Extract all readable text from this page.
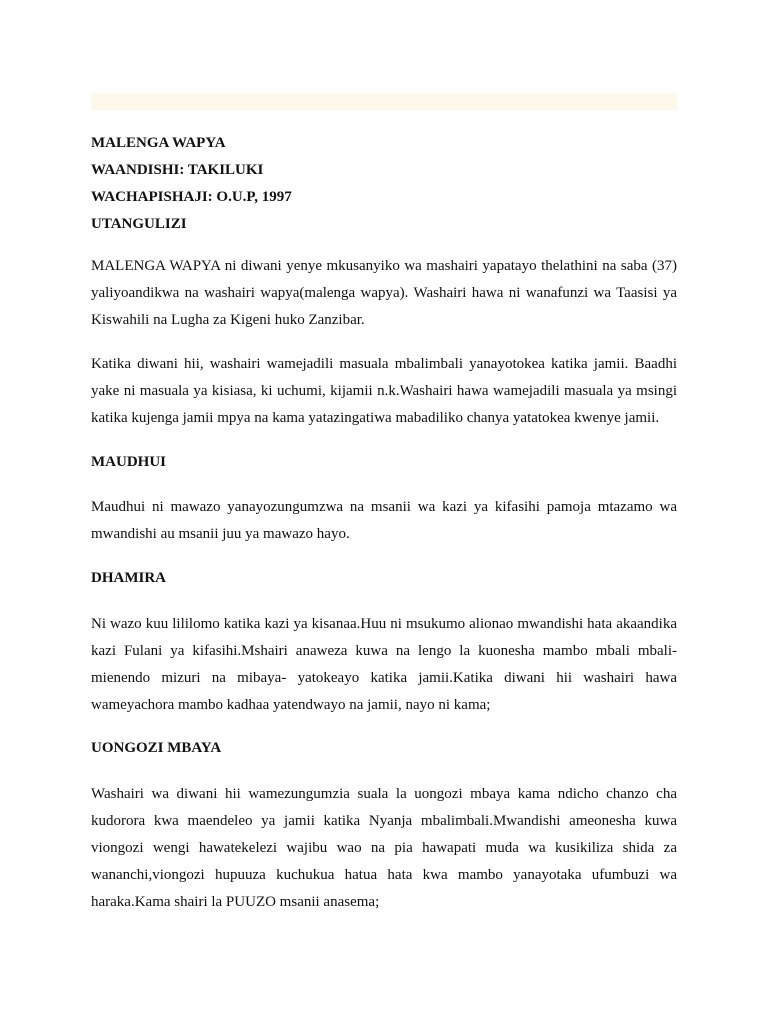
MALENGA WAPYA
WAANDISHI: TAKILUKI
WACHAPISHAJI: O.U.P, 1997
UTANGULIZI

MALENGA WAPYA ni diwani yenye mkusanyiko wa mashairi yapatayo thelathini na saba (37) yaliyoandikwa na washairi wapya(malenga wapya). Washairi hawa ni wanafunzi wa Taasisi ya Kiswahili na Lugha za Kigeni huko Zanzibar.

Katika diwani hii, washairi wamejadili masuala mbalimbali yanayotokea katika jamii. Baadhi yake ni masuala ya kisiasa, ki uchumi, kijamii n.k.Washairi hawa wamejadili masuala ya msingi katika kujenga jamii mpya na kama yatazingatiwa mabadiliko chanya yatatokea kwenye jamii.

MAUDHUI

Maudhui ni mawazo yanayozungumzwa na msanii wa kazi ya kifasihi pamoja mtazamo wa mwandishi au msanii juu ya mawazo hayo.

DHAMIRA

Ni wazo kuu lililomo katika kazi ya kisanaa.Huu ni msukumo alionao mwandishi hata akaandika kazi Fulani ya kifasihi.Mshairi anaweza kuwa na lengo la kuonesha mambo mbali mbali- mienendo mizuri na mibaya- yatokeayo katika jamii.Katika diwani hii washairi hawa wameyachora mambo kadhaa yatendwayo na jamii, nayo ni kama;

UONGOZI MBAYA

Washairi wa diwani hii wamezungumzia suala la uongozi mbaya kama ndicho chanzo cha kudorora kwa maendeleo ya jamii katika Nyanja mbalimbali.Mwandishi ameonesha kuwa viongozi wengi hawatekelezi wajibu wao na pia hawapati muda wa kusikiliza shida za wananchi,viongozi hupuuza kuchukua hatua hata kwa mambo yanayotaka ufumbuzi wa haraka.Kama shairi la PUUZO msanii anasema;
